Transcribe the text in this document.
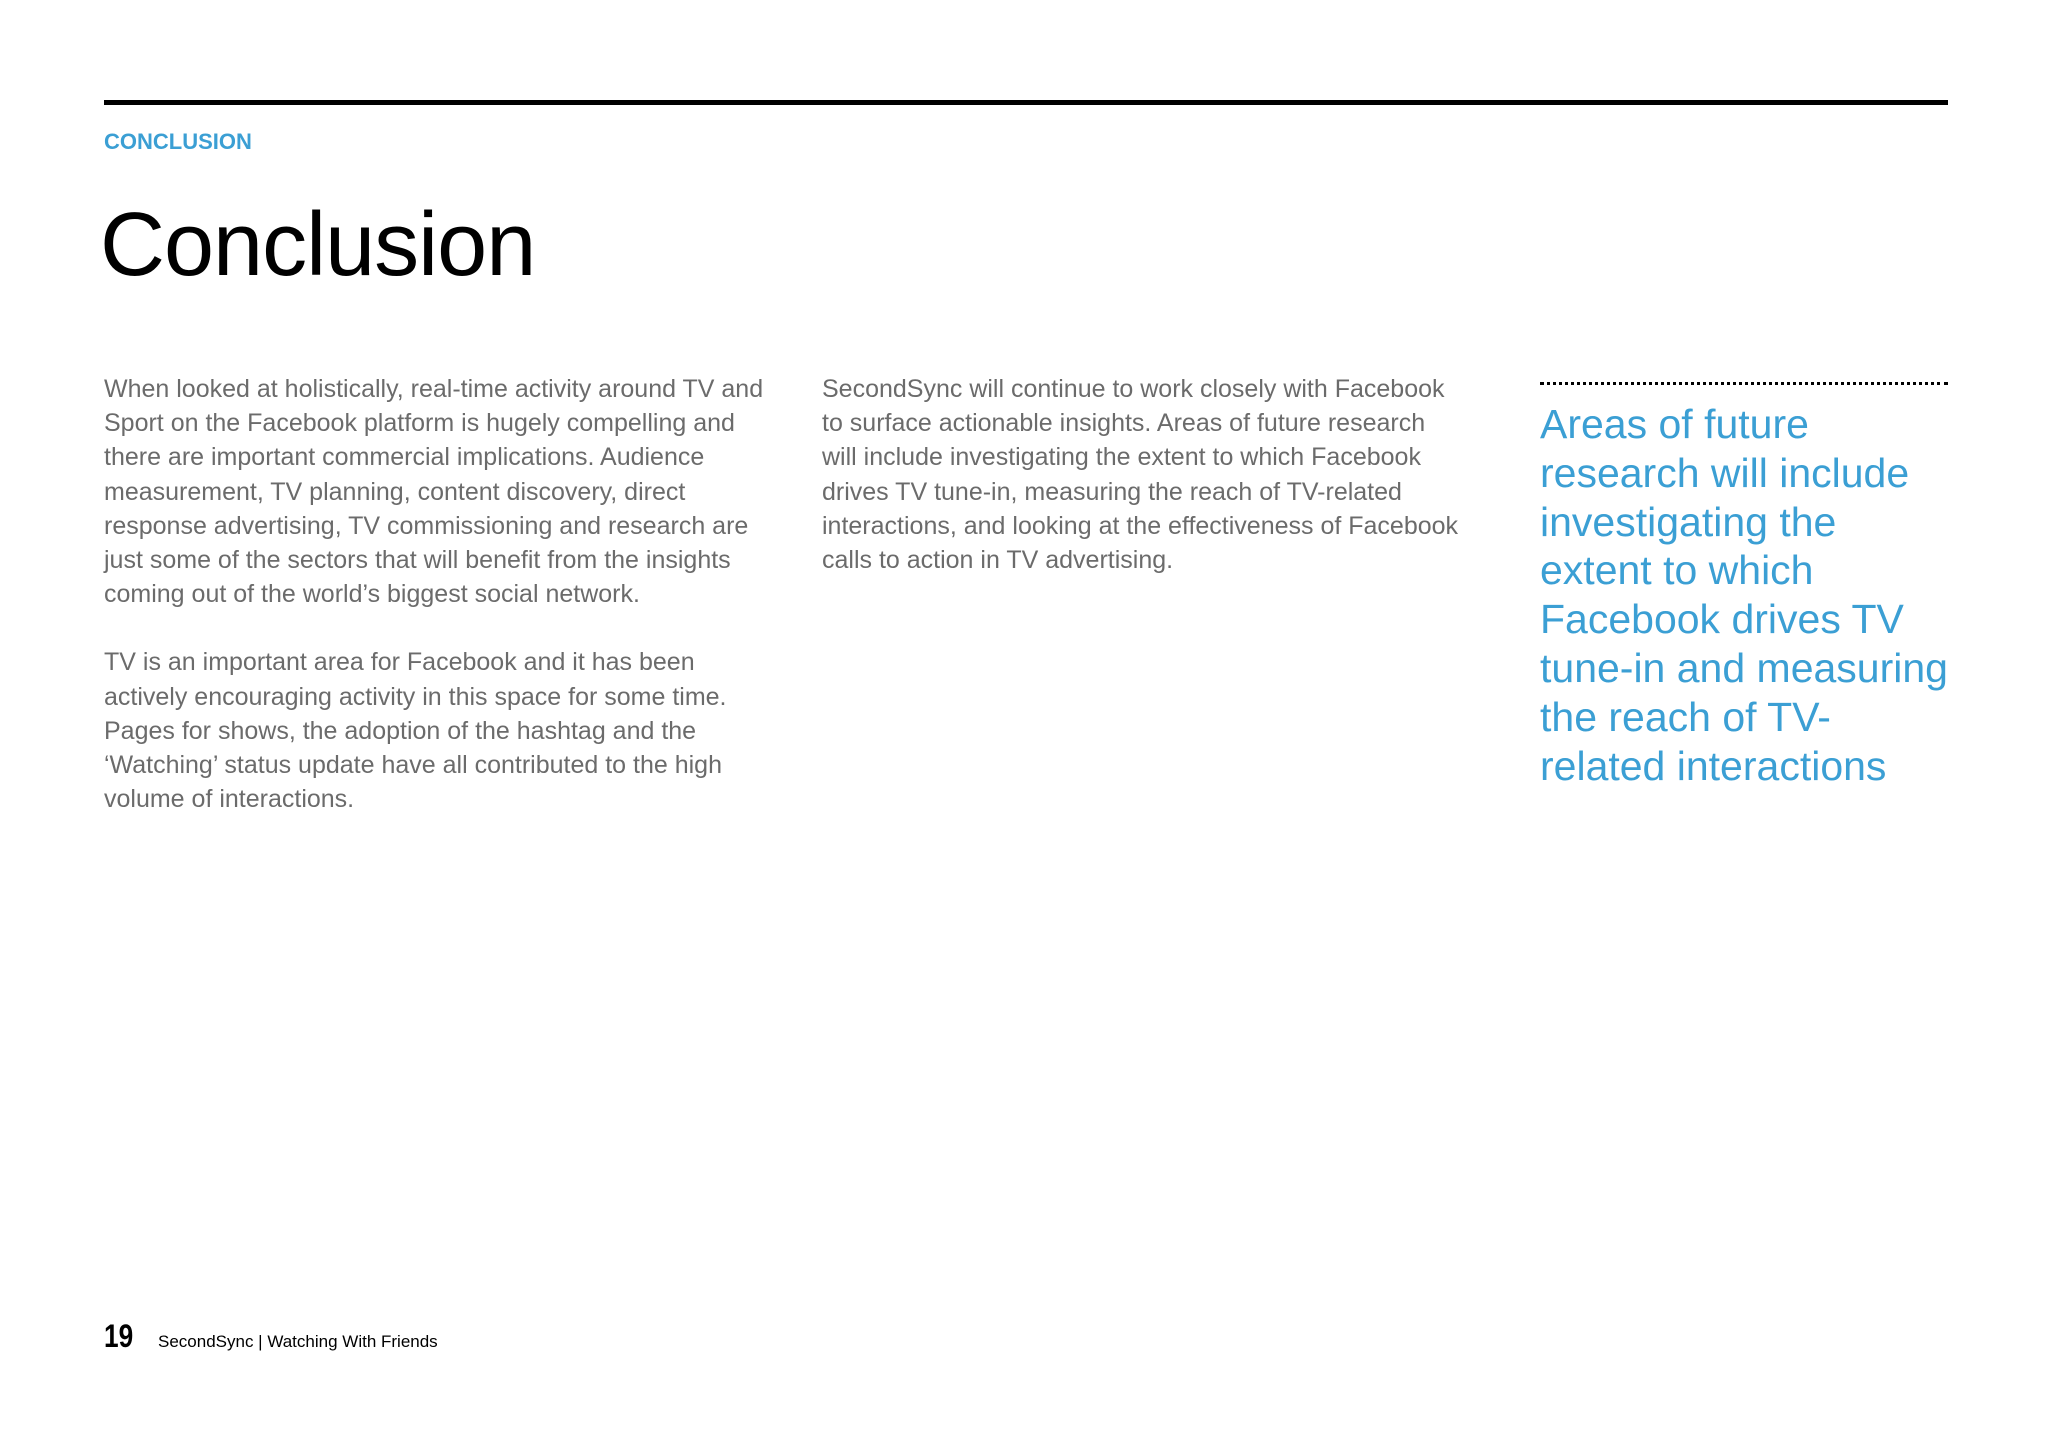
CONCLUSION
Conclusion

When looked at holistically, real-time activity around TV and Sport on the Facebook platform is hugely compelling and there are important commercial implications. Audience measurement, TV planning, content discovery, direct response advertising, TV commissioning and research are just some of the sectors that will benefit from the insights coming out of the world’s biggest social network.

TV is an important area for Facebook and it has been actively encouraging activity in this space for some time. Pages for shows, the adoption of the hashtag and the ‘Watching’ status update have all contributed to the high volume of interactions.

SecondSync will continue to work closely with Facebook to surface actionable insights. Areas of future research will include investigating the extent to which Facebook drives TV tune-in, measuring the reach of TV-related interactions, and looking at the effectiveness of Facebook calls to action in TV advertising.

Areas of future research will include investigating the extent to which Facebook drives TV tune-in and measuring the reach of TV-related interactions

19 SecondSync | Watching With Friends
